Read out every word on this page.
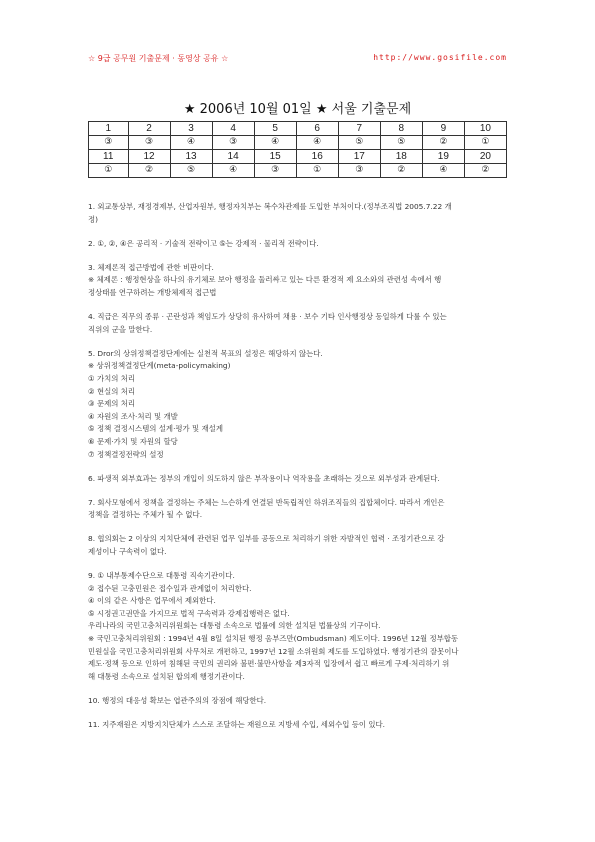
☆ 9급 공무원 기출문제 · 동영상 공유 ☆	http://www.gosifile.com
★ 2006년 10월 01일 ★ 서울 기출문제
1	2	3	4	5	6	7	8	9	10
③	③	④	③	④	④	⑤	⑤	②	①
11	12	13	14	15	16	17	18	19	20
①	②	⑤	④	③	①	③	②	④	②

1. 외교통상부, 재정경제부, 산업자원부, 행정자치부는 복수차관제를 도입한 부처이다.(정부조직법 2005.7.22 개
정)

2. ①, ②, ④은 공리적 · 기술적 전략이고 ⑤는 강제적 · 물리적 전략이다.

3. 체제론적 접근방법에 관한 비판이다.
※ 체제론 : 행정현상을 하나의 유기체로 보아 행정을 둘러싸고 있는 다른 환경적 제 요소와의 관련성 속에서 행
정상태를 연구하려는 개방체제적 접근법

4. 직급은 직무의 종류 · 곤란성과 책임도가 상당히 유사하여 채용 · 보수 기타 인사행정상 동일하게 다룰 수 있는
직위의 군을 말한다.

5. Dror의 상위정책결정단계에는 실천적 목표의 설정은 해당하지 않는다.
※ 상위정책결정단계(meta-policymaking)
① 가치의 처리
② 현실의 처리
③ 문제의 처리
④ 자원의 조사·처리 및 개발
⑤ 정책 결정시스템의 설계·평가 및 재설계
⑥ 문제·가치 및 자원의 할당
⑦ 정책결정전략의 설정

6. 파생적 외부효과는 정부의 개입이 의도하지 않은 부작용이나 역작용을 초래하는 것으로 외부성과 관계된다.

7. 회사모형에서 정책을 결정하는 주체는 느슨하게 연결된 반독립적인 하위조직들의 집합체이다. 따라서 개인은
정책을 결정하는 주체가 될 수 없다.

8. 협의회는 2 이상의 지치단체에 관련된 업무 일부를 공동으로 처리하기 위한 자발적인 협력 · 조정기관으로 강
제성이나 구속력이 없다.

9. ① 내부통제수단으로 대통령 직속기관이다.
② 접수된 고충민원은 접수일과 관계없이 처리한다.
④ 이의 같은 사항은 업무에서 제외한다.
⑤ 시정권고권만을 가지므로 법적 구속력과 강제집행력은 없다.
우리나라의 국민고충처리위원회는 대통령 소속으로 법률에 의한 설치된 법률상의 기구이다.
※ 국민고충처리위원회 : 1994년 4월 8일 설치된 행정 옴부즈만(Ombudsman) 제도이다. 1996년 12월 정부합동
민원실을 국민고충처리위원회 사무처로 개편하고, 1997년 12월 소위원회 제도를 도입하였다. 행정기관의 잘못이나
제도·정책 등으로 인하여 침해된 국민의 권리와 불편·불만사항을 제3자적 입장에서 쉽고 빠르게 구제·처리하기 위
해 대통령 소속으로 설치된 합의제 행정기관이다.

10. 행정의 대응성 확보는 엽관주의의 장점에 해당한다.

11. 지주재원은 지방지치단체가 스스로 조달하는 재원으로 지방세 수입, 세외수입 등이 있다.
